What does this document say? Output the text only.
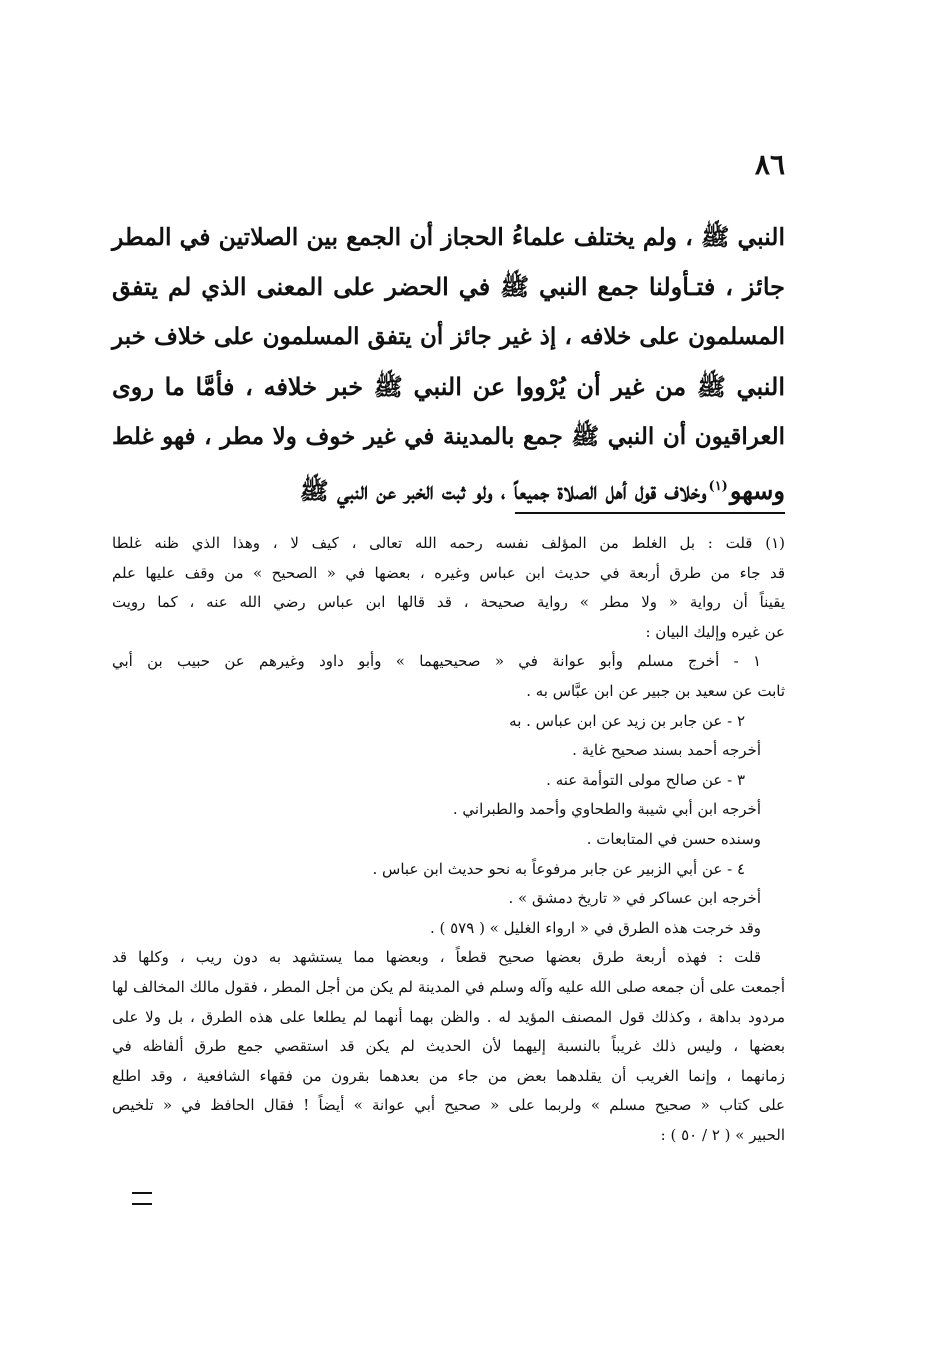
٨٦
النبي ﷺ ، ولم يختلف علماءُ الحجاز أن الجمع بين الصلاتين في المطر
جائز ، فتـأولنا جمع النبي ﷺ في الحضر على المعنى الذي لم يتفق
المسلمون على خلافه ، إذ غير جائز أن يتفق المسلمون على خلاف خبر
النبي ﷺ من غير أن يُرْووا عن النبي ﷺ خبر خلافه ، فأمَّا ما روى
العراقيون أن النبي ﷺ جمع بالمدينة في غير خوف ولا مطر ، فهو غلط
وسهو$^{(١)}$وخلاف قول أهل الصلاة جميعاً ، ولو ثبت الخبر عن النبي ﷺ
(١) قلت : بل الغلط من المؤلف نفسه رحمه الله تعالى ، كيف لا ، وهذا الذي ظنه غلطا
قد جاء من طرق أربعة في حديث ابن عباس وغيره ، بعضها في « الصحيح » من وقف عليها علم
يقيناً أن رواية « ولا مطر » رواية صحيحة ، قد قالها ابن عباس رضي الله عنه ، كما رويت
عن غيره وإليك البيان :
١ - أخرج مسلم وأبو عوانة في « صحيحيهما » وأبو داود وغيرهم عن حبيب بن أبي
ثابت عن سعيد بن جبير عن ابن عبَّاس به .
٢ - عن جابر بن زيد عن ابن عباس . به
أخرجه أحمد بسند صحيح غاية .
٣ - عن صالح مولى التوأمة عنه .
أخرجه ابن أبي شيبة والطحاوي وأحمد والطبراني .
وسنده حسن في المتابعات .
٤ - عن أبي الزبير عن جابر مرفوعاً به نحو حديث ابن عباس .
أخرجه ابن عساكر في « تاريخ دمشق » .
وقد خرجت هذه الطرق في « ارواء الغليل » ( ٥٧٩ ) .
قلت : فهذه أربعة طرق بعضها صحيح قطعاً ، وبعضها مما يستشهد به دون ريب ، وكلها قد
أجمعت على أن جمعه صلى الله عليه وآله وسلم في المدينة لم يكن من أجل المطر ، فقول مالك المخالف لها
مردود بداهة ، وكذلك قول المصنف المؤيد له . والظن بهما أنهما لم يطلعا على هذه الطرق ، بل ولا على
بعضها ، وليس ذلك غريباً بالنسبة إليهما لأن الحديث لم يكن قد استقصي جمع طرق ألفاظه في
زمانهما ، وإنما الغريب أن يقلدهما بعض من جاء من بعدهما بقرون من فقهاء الشافعية ، وقد اطلع
على كتاب « صحيح مسلم » ولربما على « صحيح أبي عوانة » أيضاً ! فقال الحافظ في « تلخيص
الحبير » ( ٢ / ٥٠ ) :
